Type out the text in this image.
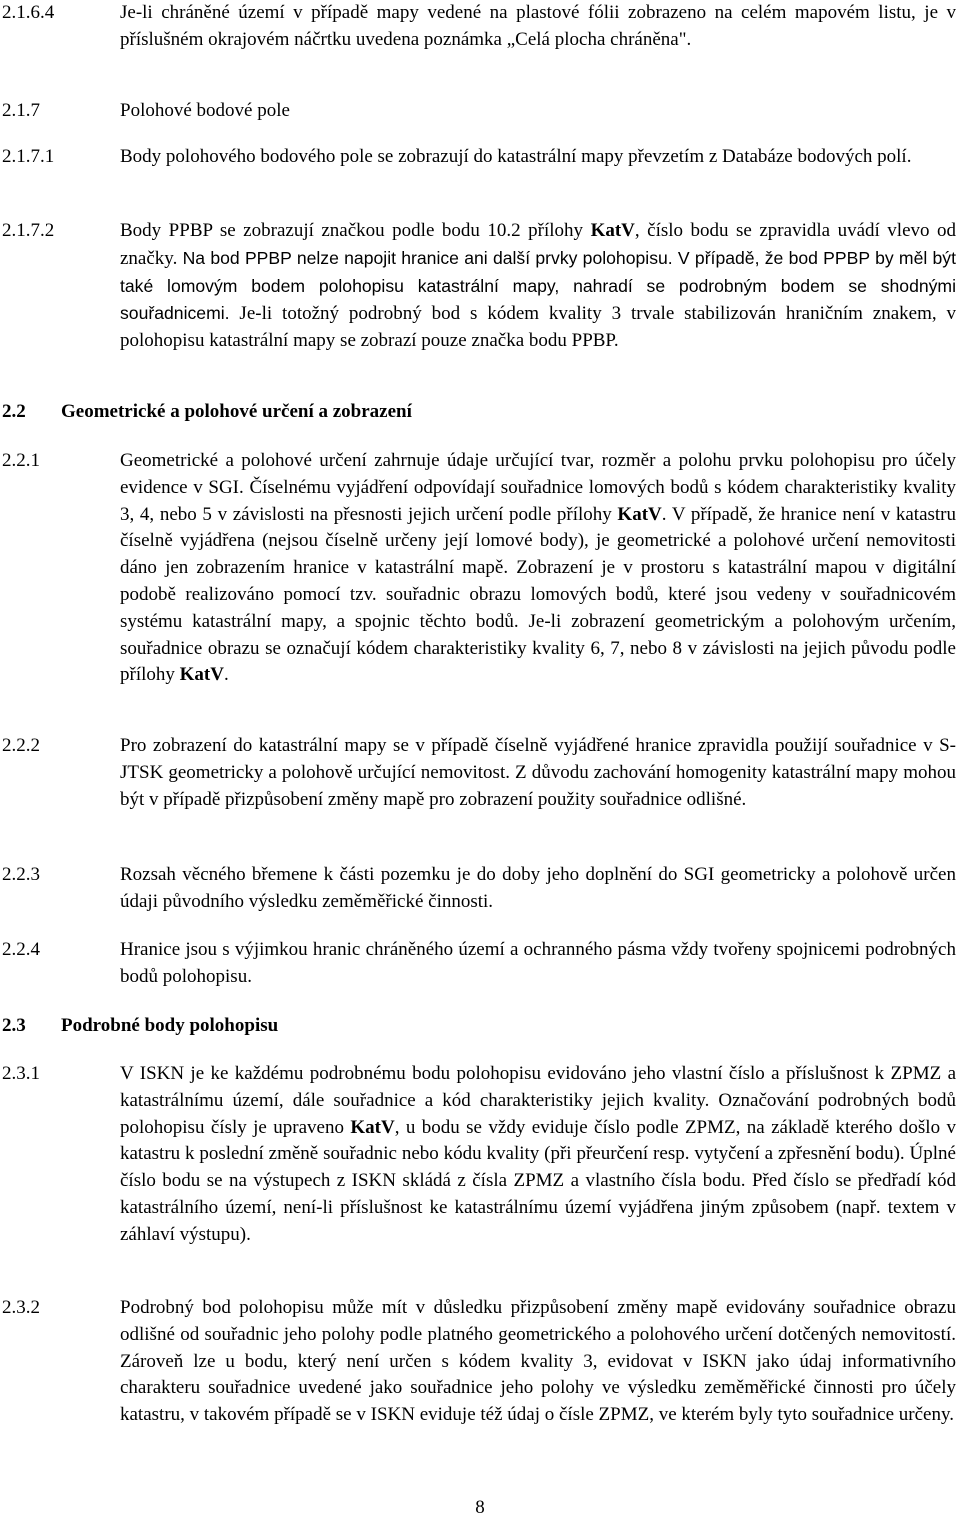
2.1.6.4	Je-li chráněné území v případě mapy vedené na plastové fólii zobrazeno na celém mapovém listu, je v příslušném okrajovém náčrtku uvedena poznámka „Celá plocha chráněna".
2.1.7	Polohové bodové pole
2.1.7.1	Body polohového bodového pole se zobrazují do katastrální mapy převzetím z Databáze bodových polí.
2.1.7.2	Body PPBP se zobrazují značkou podle bodu 10.2 přílohy KatV, číslo bodu se zpravidla uvádí vlevo od značky. Na bod PPBP nelze napojit hranice ani další prvky polohopisu. V případě, že bod PPBP by měl být také lomovým bodem polohopisu katastrální mapy, nahradí se podrobným bodem se shodnými souřadnicemi. Je-li totožný podrobný bod s kódem kvality 3 trvale stabilizován hraničním znakem, v polohopisu katastrální mapy se zobrazí pouze značka bodu PPBP.
2.2 Geometrické a polohové určení a zobrazení
2.2.1	Geometrické a polohové určení zahrnuje údaje určující tvar, rozměr a polohu prvku polohopisu pro účely evidence v SGI. Číselnému vyjádření odpovídají souřadnice lomových bodů s kódem charakteristiky kvality 3, 4, nebo 5 v závislosti na přesnosti jejich určení podle přílohy KatV. V případě, že hranice není v katastru číselně vyjádřena (nejsou číselně určeny její lomové body), je geometrické a polohové určení nemovitosti dáno jen zobrazením hranice v katastrální mapě. Zobrazení je v prostoru s katastrální mapou v digitální podobě realizováno pomocí tzv. souřadnic obrazu lomových bodů, které jsou vedeny v souřadnicovém systému katastrální mapy, a spojnic těchto bodů. Je-li zobrazení geometrickým a polohovým určením, souřadnice obrazu se označují kódem charakteristiky kvality 6, 7, nebo 8 v závislosti na jejich původu podle přílohy KatV.
2.2.2	Pro zobrazení do katastrální mapy se v případě číselně vyjádřené hranice zpravidla použijí souřadnice v S-JTSK geometricky a polohově určující nemovitost. Z důvodu zachování homogenity katastrální mapy mohou být v případě přizpůsobení změny mapě pro zobrazení použity souřadnice odlišné.
2.2.3	Rozsah věcného břemene k části pozemku je do doby jeho doplnění do SGI geometricky a polohově určen údaji původního výsledku zeměměřické činnosti.
2.2.4	Hranice jsou s výjimkou hranic chráněného území a ochranného pásma vždy tvořeny spojnicemi podrobných bodů polohopisu.
2.3 Podrobné body polohopisu
2.3.1	V ISKN je ke každému podrobnému bodu polohopisu evidováno jeho vlastní číslo a příslušnost k ZPMZ a katastrálnímu území, dále souřadnice a kód charakteristiky jejich kvality. Označování podrobných bodů polohopisu čísly je upraveno KatV, u bodu se vždy eviduje číslo podle ZPMZ, na základě kterého došlo v katastru k poslední změně souřadnic nebo kódu kvality (při přeurčení resp. vytyčení a zpřesnění bodu). Úplné číslo bodu se na výstupech z ISKN skládá z čísla ZPMZ a vlastního čísla bodu. Před číslo se předřadí kód katastrálního území, není-li příslušnost ke katastrálnímu území vyjádřena jiným způsobem (např. textem v záhlaví výstupu).
2.3.2	Podrobný bod polohopisu může mít v důsledku přizpůsobení změny mapě evidovány souřadnice obrazu odlišné od souřadnic jeho polohy podle platného geometrického a polohového určení dotčených nemovitostí. Zároveň lze u bodu, který není určen s kódem kvality 3, evidovat v ISKN jako údaj informativního charakteru souřadnice uvedené jako souřadnice jeho polohy ve výsledku zeměměřické činnosti pro účely katastru, v takovém případě se v ISKN eviduje též údaj o čísle ZPMZ, ve kterém byly tyto souřadnice určeny.
8
